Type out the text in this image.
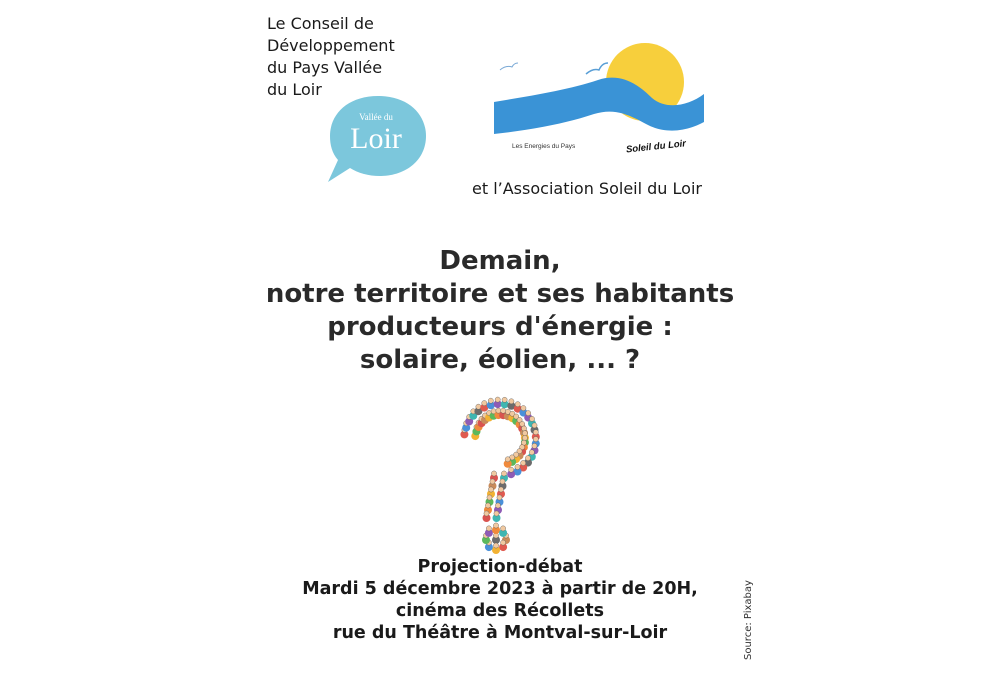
Le Conseil de
Développement
du Pays Vallée
du Loir
Vallée du
Loir	Les Energies du Pays	Soleil du Loir
et l’Association Soleil du Loir
Demain,
notre territoire et ses habitants
producteurs d'énergie :
solaire, éolien, ... ?
Projection-débat
Mardi 5 décembre 2023 à partir de 20H,
cinéma des Récollets
rue du Théâtre à Montval-sur-Loir	Source: Pixabay
